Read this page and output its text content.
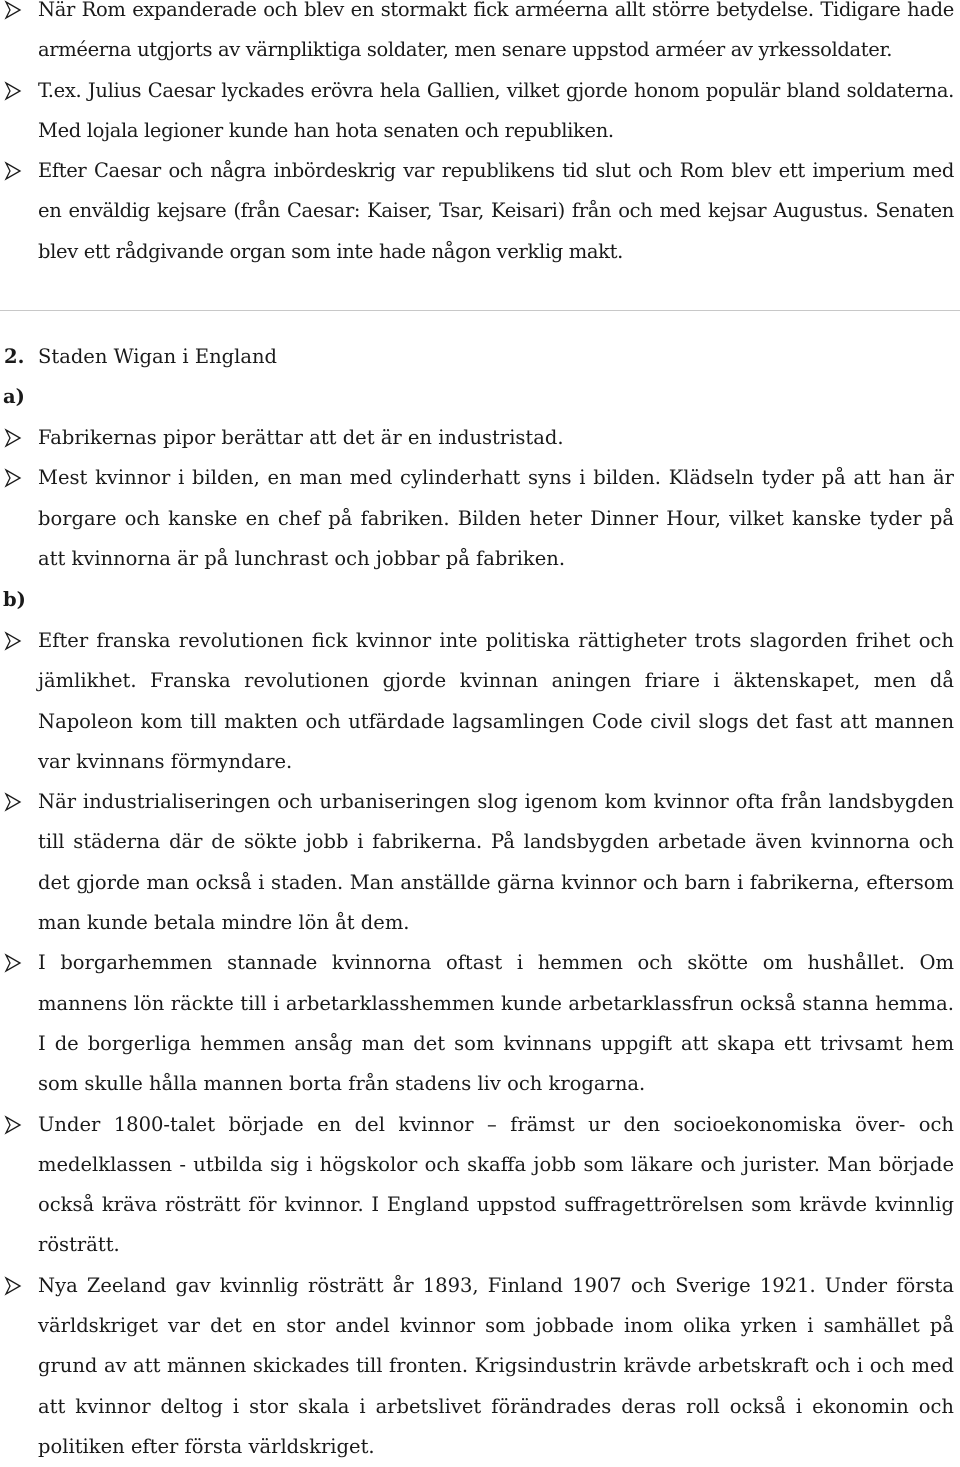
När Rom expanderade och blev en stormakt fick arméerna allt större betydelse. Tidigare hade arméerna utgjorts av värnpliktiga soldater, men senare uppstod arméer av yrkessoldater.

T.ex. Julius Caesar lyckades erövra hela Gallien, vilket gjorde honom populär bland soldaterna. Med lojala legioner kunde han hota senaten och republiken.

Efter Caesar och några inbördeskrig var republikens tid slut och Rom blev ett imperium med en enväldig kejsare (från Caesar: Kaiser, Tsar, Keisari) från och med kejsar Augustus. Senaten blev ett rådgivande organ som inte hade någon verklig makt.

2. Staden Wigan i England

a)

Fabrikernas pipor berättar att det är en industristad.

Mest kvinnor i bilden, en man med cylinderhatt syns i bilden. Klädseln tyder på att han är borgare och kanske en chef på fabriken. Bilden heter Dinner Hour, vilket kanske tyder på att kvinnorna är på lunchrast och jobbar på fabriken.

b)

Efter franska revolutionen fick kvinnor inte politiska rättigheter trots slagorden frihet och jämlikhet. Franska revolutionen gjorde kvinnan aningen friare i äktenskapet, men då Napoleon kom till makten och utfärdade lagsamlingen Code civil slogs det fast att mannen var kvinnans förmyndare.

När industrialiseringen och urbaniseringen slog igenom kom kvinnor ofta från landsbygden till städerna där de sökte jobb i fabrikerna. På landsbygden arbetade även kvinnorna och det gjorde man också i staden. Man anställde gärna kvinnor och barn i fabrikerna, eftersom man kunde betala mindre lön åt dem.

I borgarhemmen stannade kvinnorna oftast i hemmen och skötte om hushållet. Om mannens lön räckte till i arbetarklasshemmen kunde arbetarklassfrun också stanna hemma. I de borgerliga hemmen ansåg man det som kvinnans uppgift att skapa ett trivsamt hem som skulle hålla mannen borta från stadens liv och krogarna.

Under 1800-talet började en del kvinnor – främst ur den socioekonomiska över- och medelklassen - utbilda sig i högskolor och skaffa jobb som läkare och jurister. Man började också kräva rösträtt för kvinnor. I England uppstod suffragettrörelsen som krävde kvinnlig rösträtt.

Nya Zeeland gav kvinnlig rösträtt år 1893, Finland 1907 och Sverige 1921. Under första världskriget var det en stor andel kvinnor som jobbade inom olika yrken i samhället på grund av att männen skickades till fronten. Krigsindustrin krävde arbetskraft och i och med att kvinnor deltog i stor skala i arbetslivet förändrades deras roll också i ekonomin och politiken efter första världskriget.
